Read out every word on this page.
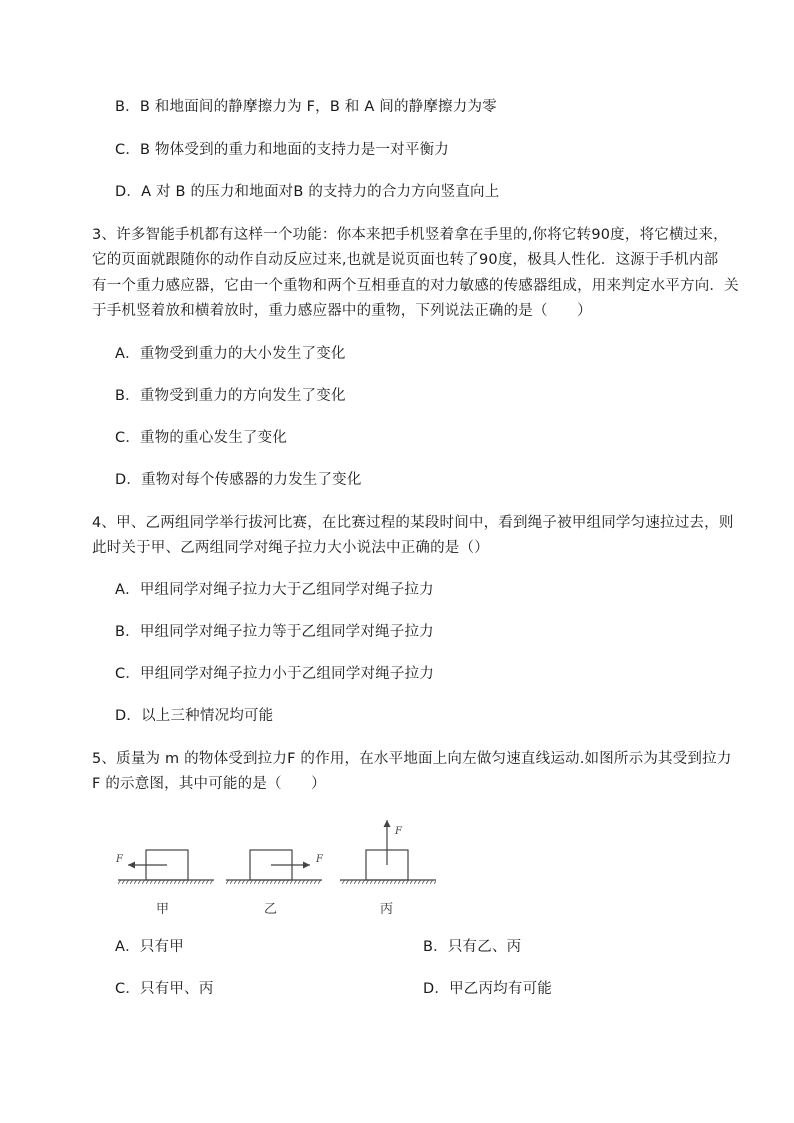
B．B 和地面间的静摩擦力为 F，B 和 A 间的静摩擦力为零
C．B 物体受到的重力和地面的支持力是一对平衡力
D．A 对 B 的压力和地面对B 的支持力的合力方向竖直向上
3、许多智能手机都有这样一个功能：你本来把手机竖着拿在手里的,你将它转90度，将它横过来，
它的页面就跟随你的动作自动反应过来,也就是说页面也转了90度，极具人性化．这源于手机内部
有一个重力感应器，它由一个重物和两个互相垂直的对力敏感的传感器组成，用来判定水平方向．关
于手机竖着放和横着放时，重力感应器中的重物，下列说法正确的是（　　）
A．重物受到重力的大小发生了变化
B．重物受到重力的方向发生了变化
C．重物的重心发生了变化
D．重物对每个传感器的力发生了变化
4、甲、乙两组同学举行拔河比赛，在比赛过程的某段时间中，看到绳子被甲组同学匀速拉过去，则
此时关于甲、乙两组同学对绳子拉力大小说法中正确的是（）
A．甲组同学对绳子拉力大于乙组同学对绳子拉力
B．甲组同学对绳子拉力等于乙组同学对绳子拉力
C．甲组同学对绳子拉力小于乙组同学对绳子拉力
D．以上三种情况均可能
5、质量为 m 的物体受到拉力F 的作用，在水平地面上向左做匀速直线运动.如图所示为其受到拉力
F 的示意图，其中可能的是（　　）
F	F
F
甲	乙	丙
A．只有甲	B．只有乙、丙
C．只有甲、丙	D．甲乙丙均有可能
